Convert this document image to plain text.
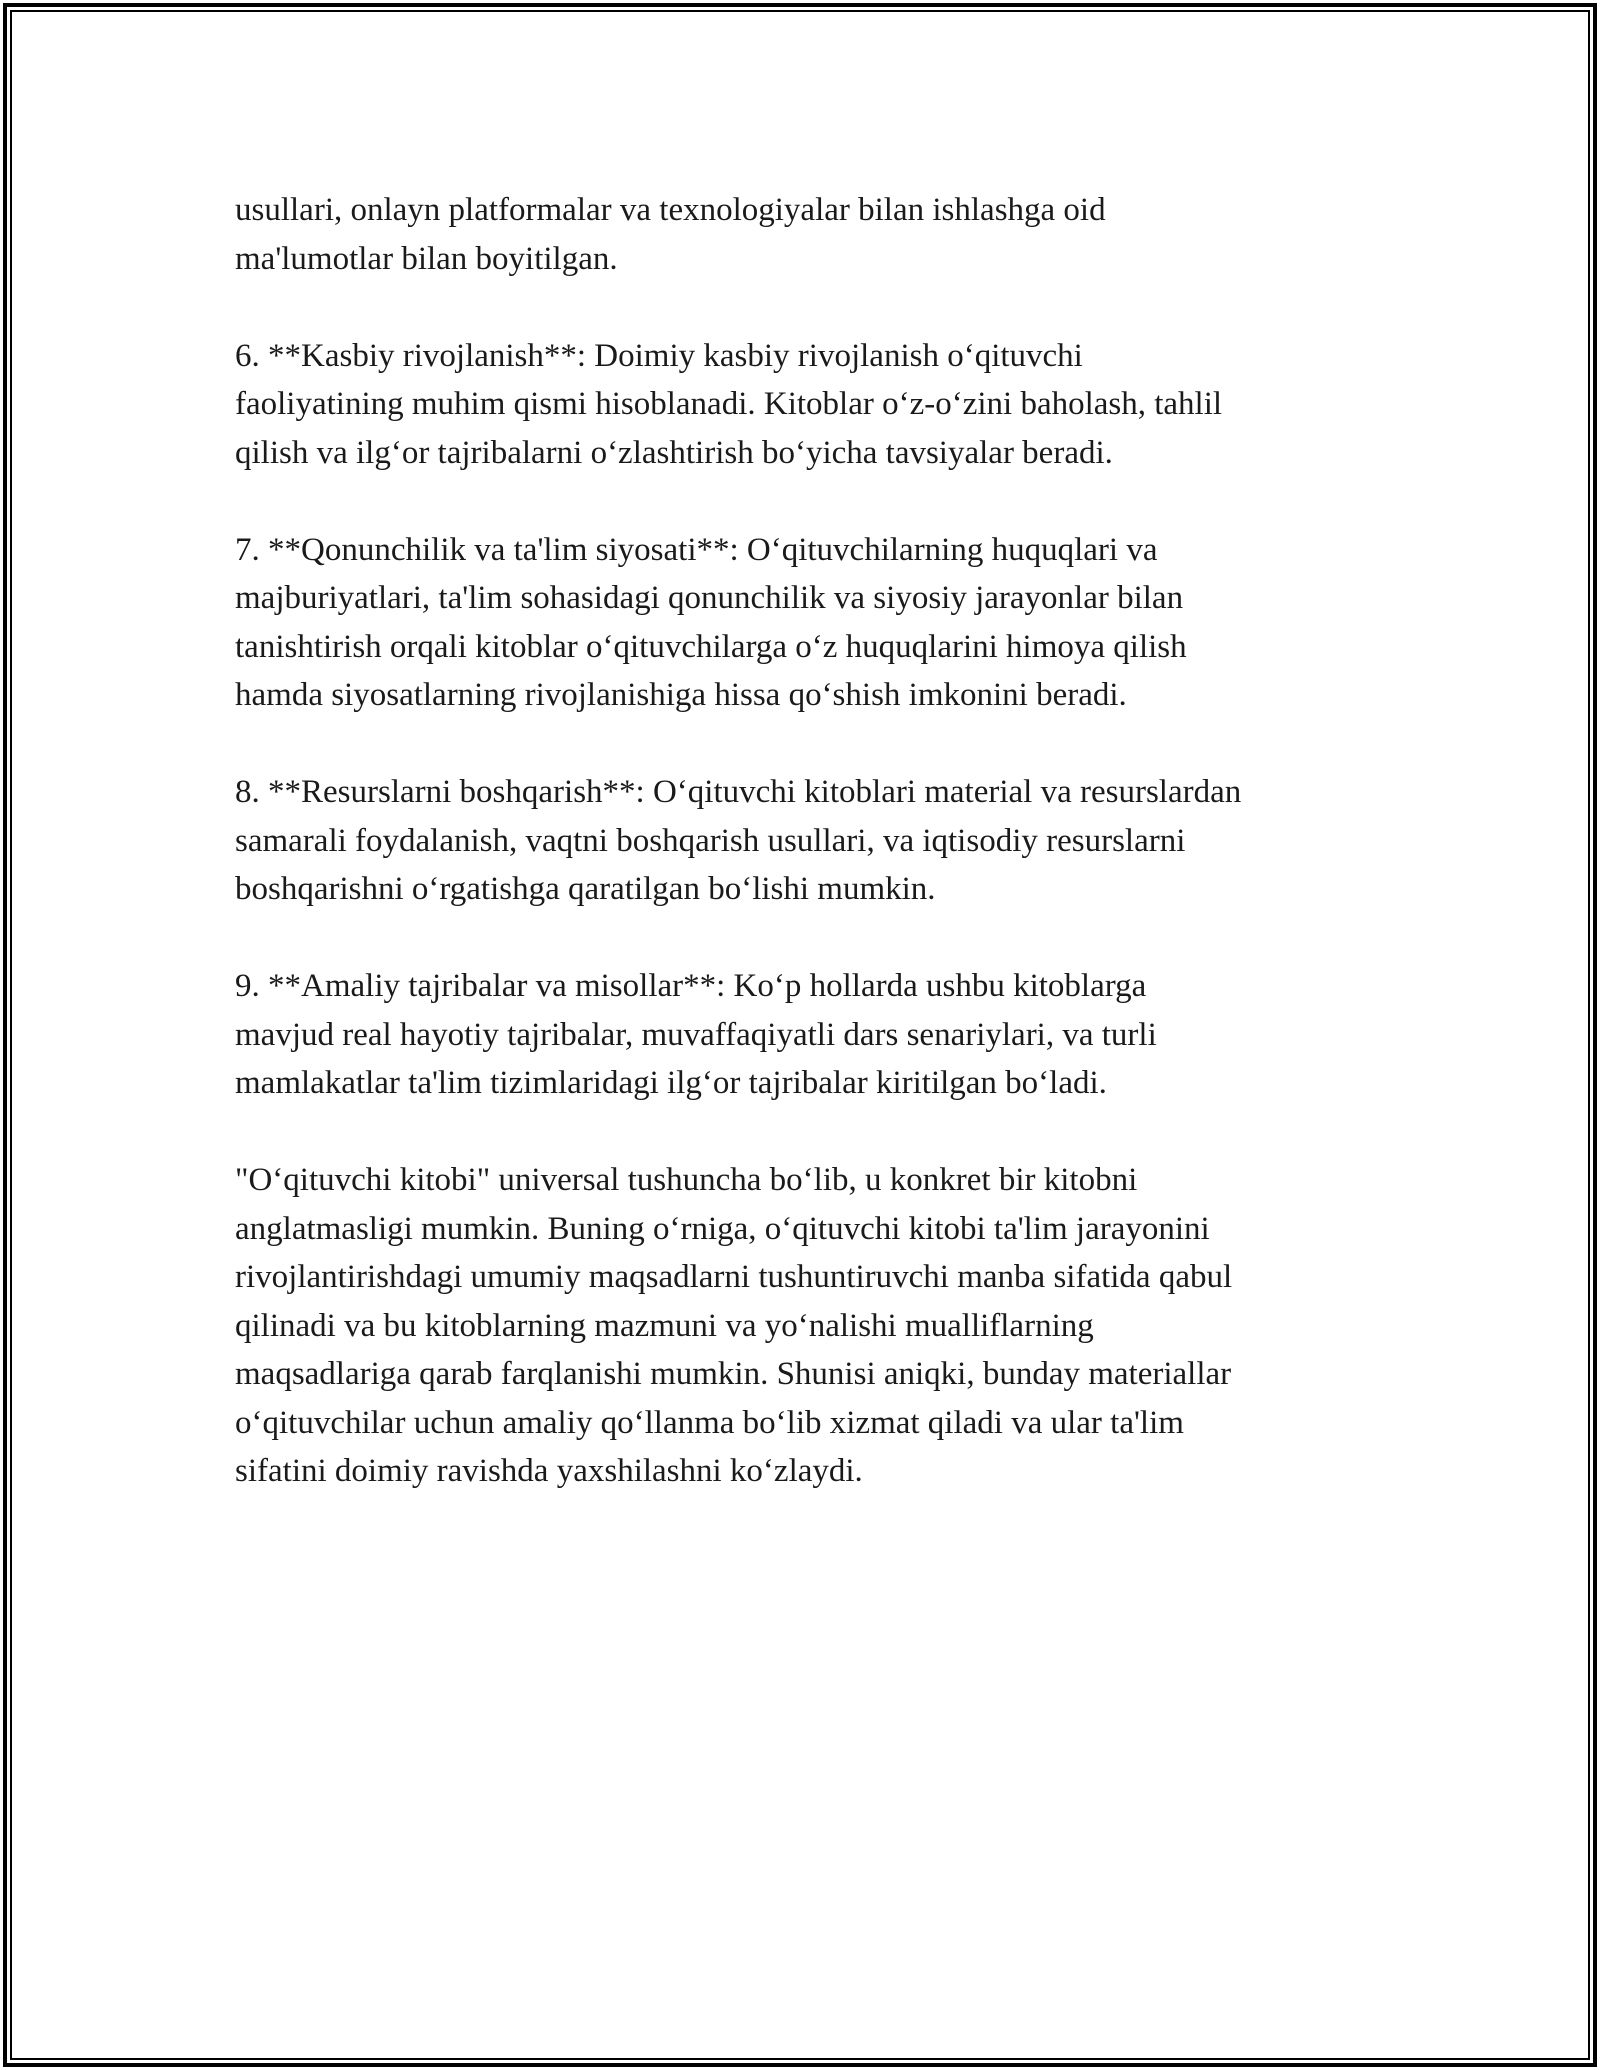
usullari, onlayn platformalar va texnologiyalar bilan ishlashga oid
ma'lumotlar bilan boyitilgan.

6. **Kasbiy rivojlanish**: Doimiy kasbiy rivojlanish oʻqituvchi
faoliyatining muhim qismi hisoblanadi. Kitoblar oʻz-oʻzini baholash, tahlil
qilish va ilgʻor tajribalarni oʻzlashtirish boʻyicha tavsiyalar beradi.

7. **Qonunchilik va ta'lim siyosati**: Oʻqituvchilarning huquqlari va
majburiyatlari, ta'lim sohasidagi qonunchilik va siyosiy jarayonlar bilan
tanishtirish orqali kitoblar oʻqituvchilarga oʻz huquqlarini himoya qilish
hamda siyosatlarning rivojlanishiga hissa qoʻshish imkonini beradi.

8. **Resurslarni boshqarish**: Oʻqituvchi kitoblari material va resurslardan
samarali foydalanish, vaqtni boshqarish usullari, va iqtisodiy resurslarni
boshqarishni oʻrgatishga qaratilgan boʻlishi mumkin.

9. **Amaliy tajribalar va misollar**: Koʻp hollarda ushbu kitoblarga
mavjud real hayotiy tajribalar, muvaffaqiyatli dars senariylari, va turli
mamlakatlar ta'lim tizimlaridagi ilgʻor tajribalar kiritilgan boʻladi.

"Oʻqituvchi kitobi" universal tushuncha boʻlib, u konkret bir kitobni
anglatmasligi mumkin. Buning oʻrniga, oʻqituvchi kitobi ta'lim jarayonini
rivojlantirishdagi umumiy maqsadlarni tushuntiruvchi manba sifatida qabul
qilinadi va bu kitoblarning mazmuni va yoʻnalishi mualliflarning
maqsadlariga qarab farqlanishi mumkin. Shunisi aniqki, bunday materiallar
oʻqituvchilar uchun amaliy qoʻllanma boʻlib xizmat qiladi va ular ta'lim
sifatini doimiy ravishda yaxshilashni koʻzlaydi.
